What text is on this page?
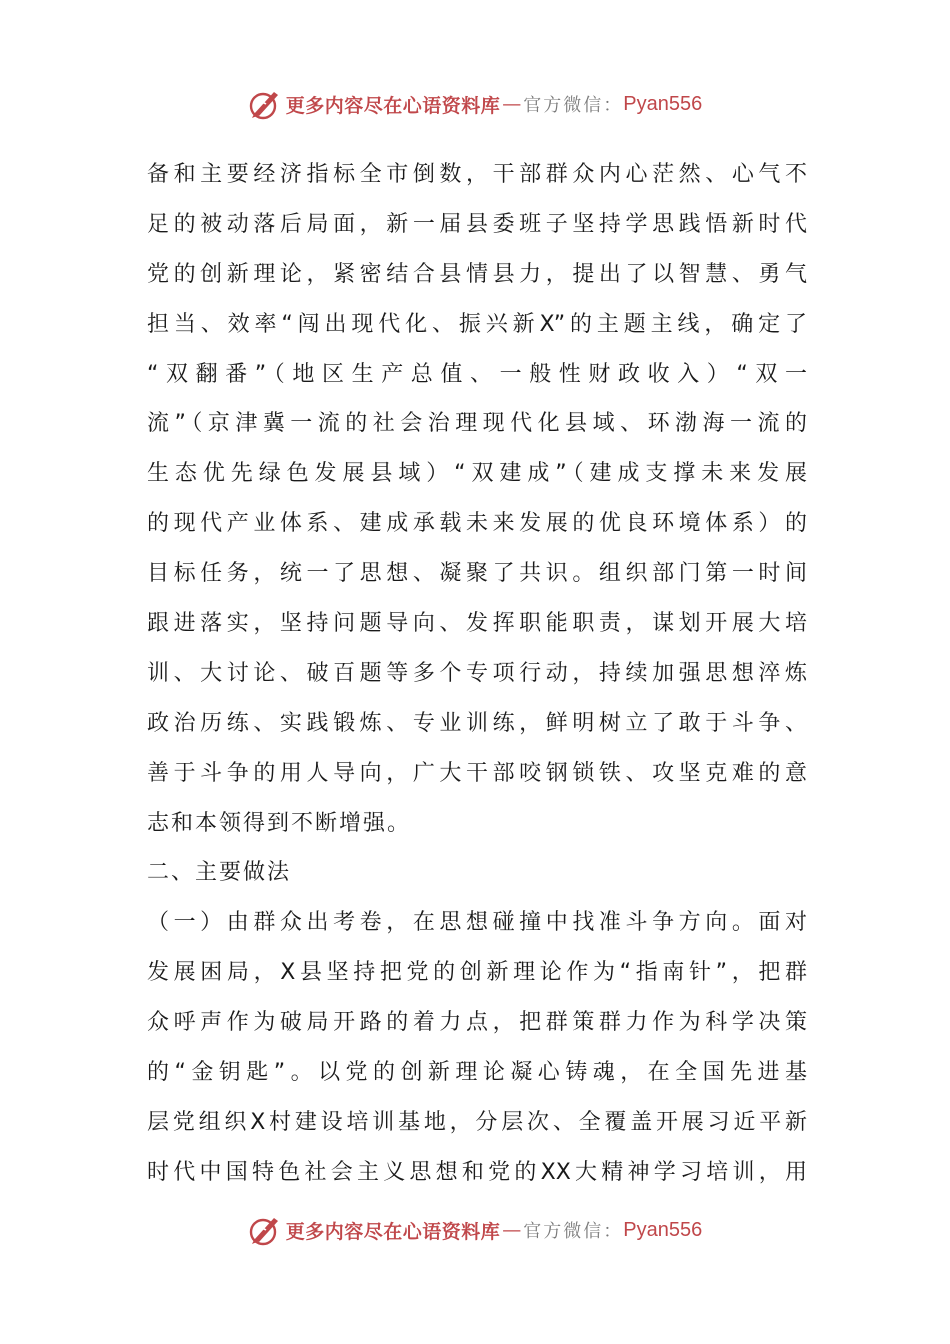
更多内容尽在心语资料库 — 官方微信： Pyan556
备和主要经济指标全市倒数，干部群众内心茫然、心气不
足的被动落后局面，新一届县委班子坚持学思践悟新时代
党的创新理论，紧密结合县情县力，提出了以智慧、勇气
担当、效率“闯出现代化、振兴新X”的主题主线，确定了
“双翻番”（地区生产总值、一般性财政收入）“双一
流”（京津冀一流的社会治理现代化县域、环渤海一流的
生态优先绿色发展县域）“双建成”（建成支撑未来发展
的现代产业体系、建成承载未来发展的优良环境体系）的
目标任务，统一了思想、凝聚了共识。组织部门第一时间
跟进落实，坚持问题导向、发挥职能职责，谋划开展大培
训、大讨论、破百题等多个专项行动，持续加强思想淬炼
政治历练、实践锻炼、专业训练，鲜明树立了敢于斗争、
善于斗争的用人导向，广大干部咬钢锁铁、攻坚克难的意
志和本领得到不断增强。
二、主要做法
（一）由群众出考卷，在思想碰撞中找准斗争方向。面对
发展困局，X县坚持把党的创新理论作为“指南针”，把群
众呼声作为破局开路的着力点，把群策群力作为科学决策
的“金钥匙”。以党的创新理论凝心铸魂，在全国先进基
层党组织X村建设培训基地，分层次、全覆盖开展习近平新
时代中国特色社会主义思想和党的XX大精神学习培训，用
更多内容尽在心语资料库 — 官方微信： Pyan556
